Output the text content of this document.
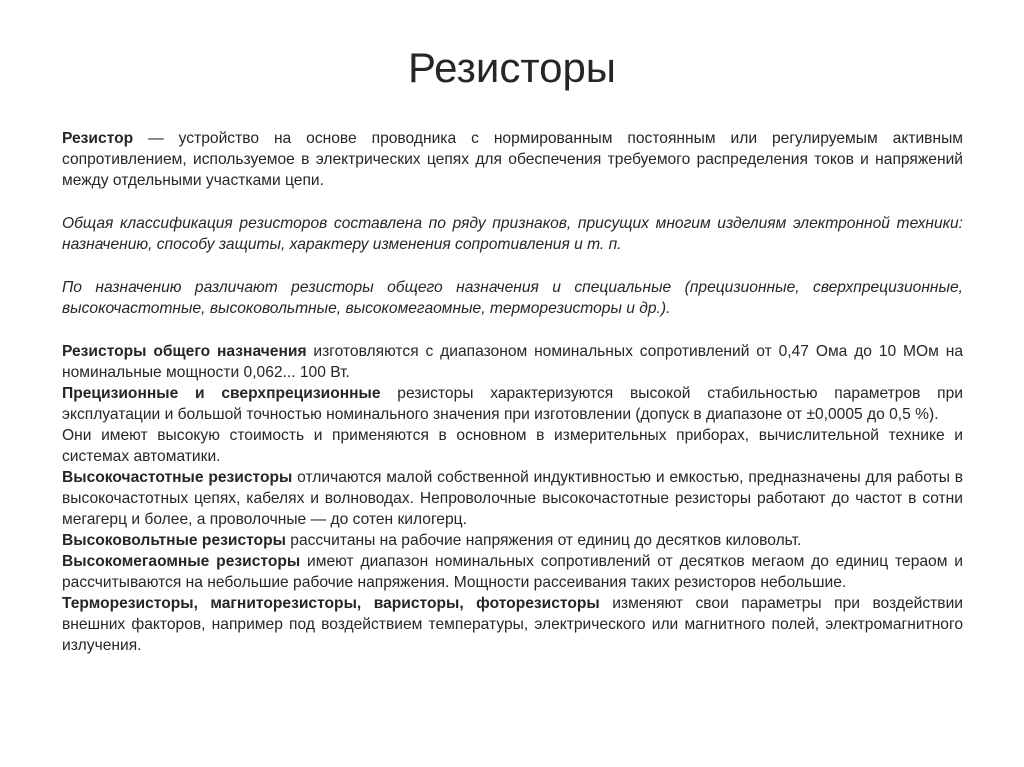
Резисторы

Резистор — устройство на основе проводника с нормированным постоянным или регулируемым активным сопротивлением, используемое в электрических цепях для обеспечения требуемого распределения токов и напряжений между отдельными участками цепи.

Общая классификация резисторов составлена по ряду признаков, присущих многим изделиям электронной техники: назначению, способу защиты, характеру изменения сопротивления и т. п.

По назначению различают резисторы общего назначения и специальные (прецизионные, сверхпрецизионные, высокочастотные, высоковольтные, высокомегаомные, терморезисторы и др.).

Резисторы общего назначения изготовляются с диапазоном номинальных сопротивлений от 0,47 Ома до 10 МОм на номинальные мощности 0,062... 100 Вт.

Прецизионные и сверхпрецизионные резисторы характеризуются высокой стабильностью параметров при эксплуатации и большой точностью номинального значения при изготовлении (допуск в диапазоне от ±0,0005 до 0,5 %).

Они имеют высокую стоимость и применяются в основном в измерительных приборах, вычислительной технике и системах автоматики.

Высокочастотные резисторы отличаются малой собственной индуктивностью и емкостью, предназначены для работы в высокочастотных цепях, кабелях и волноводах. Непроволочные высокочастотные резисторы работают до частот в сотни мегагерц и более, а проволочные — до сотен килогерц.

Высоковольтные резисторы рассчитаны на рабочие напряжения от единиц до десятков киловольт.

Высокомегаомные резисторы имеют диапазон номинальных сопротивлений от десятков мегаом до единиц тераом и рассчитываются на небольшие рабочие напряжения. Мощности рассеивания таких резисторов небольшие.

Терморезисторы, магниторезисторы, варисторы, фоторезисторы изменяют свои параметры при воздействии внешних факторов, например под воздействием температуры, электрического или магнитного полей, электромагнитного излучения.
